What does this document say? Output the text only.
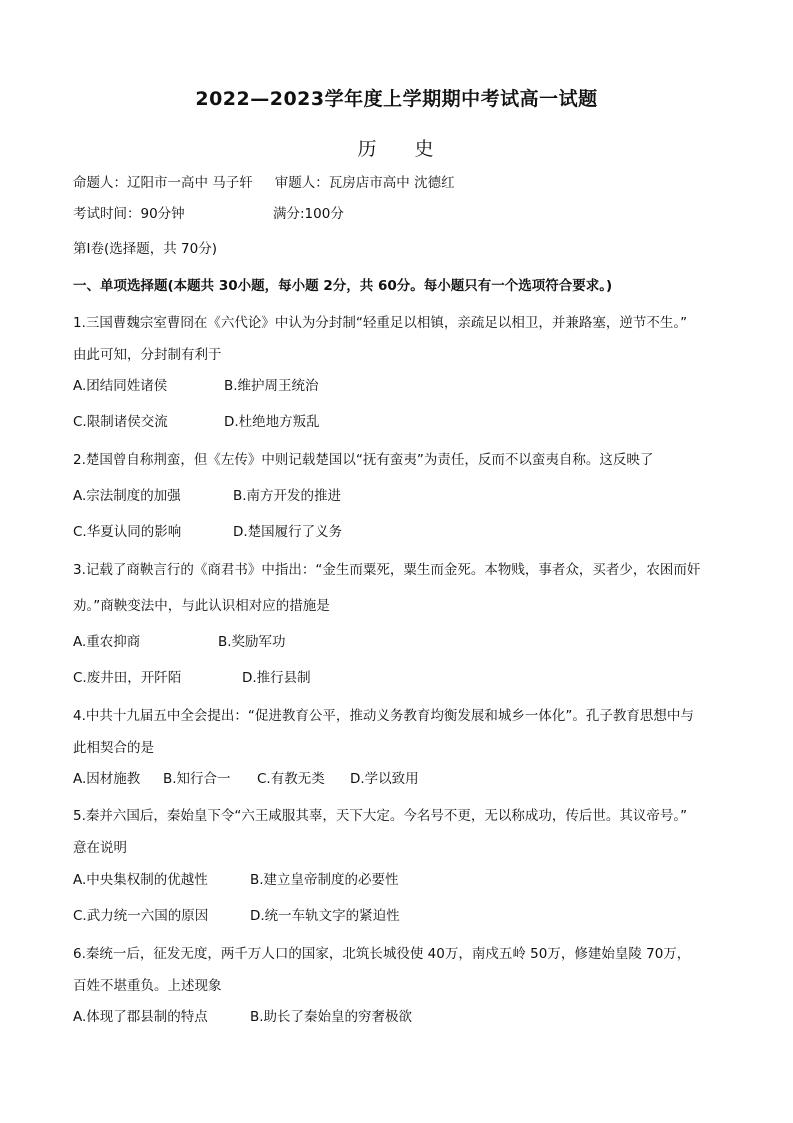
2022—2023学年度上学期期中考试高一试题
历 史
命题人：辽阳市一高中 马子轩 审题人：瓦房店市高中 沈德红
考试时间：90分钟	满分:100分
第Ⅰ卷(选择题，共 70分)
一、单项选择题(本题共 30小题，每小题 2分，共 60分。每小题只有一个选项符合要求。)
1.三国曹魏宗室曹冏在《六代论》中认为分封制“轻重足以相镇，亲疏足以相卫，并兼路塞，逆节不生。”
由此可知，分封制有利于
A.团结同姓诸侯	B.维护周王统治
C.限制诸侯交流	D.杜绝地方叛乱
2.楚国曾自称荆蛮，但《左传》中则记载楚国以“抚有蛮夷”为责任，反而不以蛮夷自称。这反映了
A.宗法制度的加强	B.南方开发的推进
C.华夏认同的影响	D.楚国履行了义务
3.记载了商鞅言行的《商君书》中指出：“金生而粟死，粟生而金死。本物贱，事者众，买者少，农困而奸
劝。”商鞅变法中，与此认识相对应的措施是
A.重农抑商	B.奖励军功
C.废井田，开阡陌	D.推行县制
4.中共十九届五中全会提出：“促进教育公平，推动义务教育均衡发展和城乡一体化”。孔子教育思想中与
此相契合的是
A.因材施教 B.知行合一 C.有教无类 D.学以致用
5.秦并六国后，秦始皇下令“六王咸服其辜，天下大定。今名号不更，无以称成功，传后世。其议帝号。”
意在说明
A.中央集权制的优越性	B.建立皇帝制度的必要性
C.武力统一六国的原因	D.统一车轨文字的紧迫性
6.秦统一后，征发无度，两千万人口的国家，北筑长城役使 40万，南戍五岭 50万，修建始皇陵 70万，
百姓不堪重负。上述现象
A.体现了郡县制的特点	B.助长了秦始皇的穷奢极欲
